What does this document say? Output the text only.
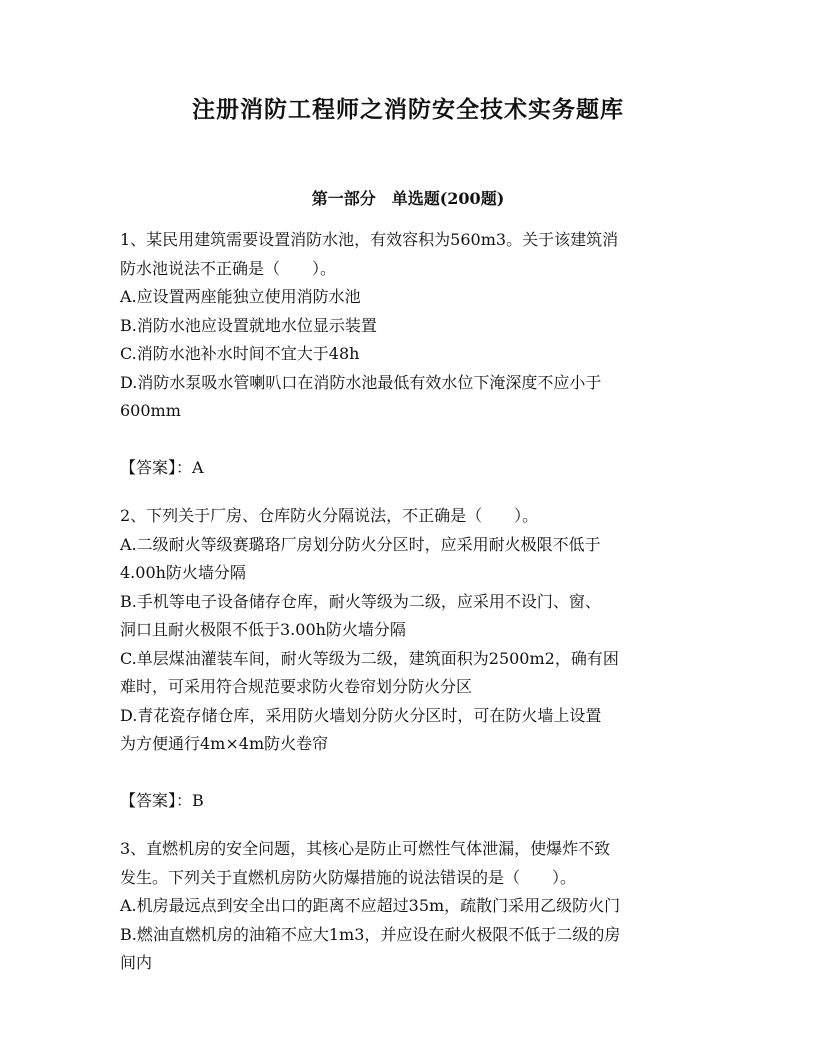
注册消防工程师之消防安全技术实务题库
第一部分　单选题(200题)
1、某民用建筑需要设置消防水池，有效容积为560m3。关于该建筑消
防水池说法不正确是（　　）。
A.应设置两座能独立使用消防水池
B.消防水池应设置就地水位显示装置
C.消防水池补水时间不宜大于48h
D.消防水泵吸水管喇叭口在消防水池最低有效水位下淹深度不应小于
600mm
【答案】：A
2、下列关于厂房、仓库防火分隔说法，不正确是（　　）。
A.二级耐火等级赛璐珞厂房划分防火分区时，应采用耐火极限不低于
4.00h防火墙分隔
B.手机等电子设备储存仓库，耐火等级为二级，应采用不设门、窗、
洞口且耐火极限不低于3.00h防火墙分隔
C.单层煤油灌装车间，耐火等级为二级，建筑面积为2500m2，确有困
难时，可采用符合规范要求防火卷帘划分防火分区
D.青花瓷存储仓库，采用防火墙划分防火分区时，可在防火墙上设置
为方便通行4m×4m防火卷帘
【答案】：B
3、直燃机房的安全问题，其核心是防止可燃性气体泄漏，使爆炸不致
发生。下列关于直燃机房防火防爆措施的说法错误的是（　　）。
A.机房最远点到安全出口的距离不应超过35m，疏散门采用乙级防火门
B.燃油直燃机房的油箱不应大1m3，并应设在耐火极限不低于二级的房
间内
